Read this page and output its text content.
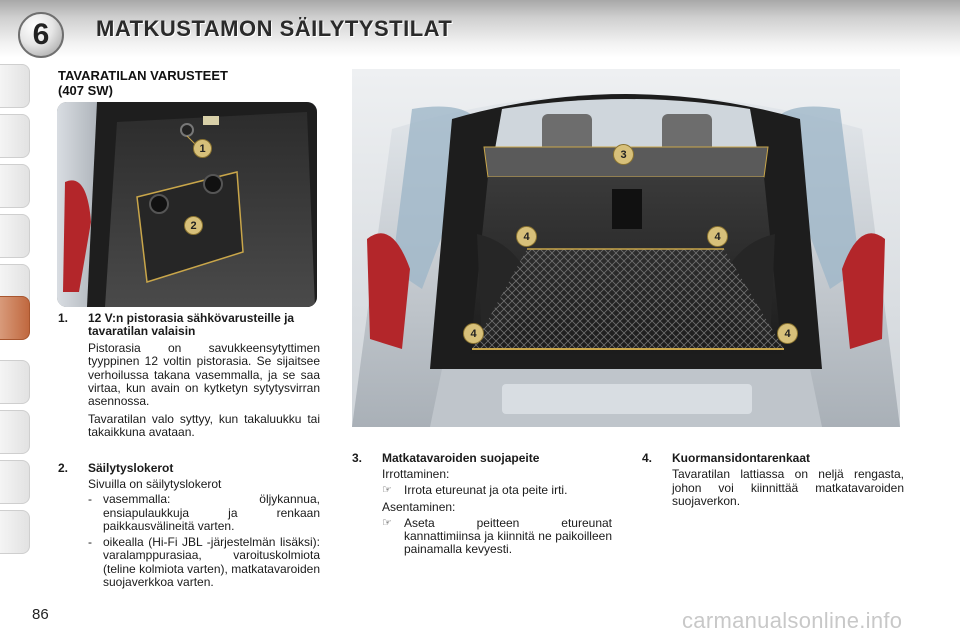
6	MATKUSTAMON SÄILYTYSTILAT
TAVARATILAN VARUSTEET
(407 SW)
1
2
3
4	4
4	4
1.	12 V:n pistorasia sähkövarusteille ja tavaratilan valaisin
Pistorasia on savukkeensytyttimen tyyppinen 12 voltin pistorasia. Se sijaitsee verhoilussa takana vasemmalla, ja se saa virtaa, kun avain on kytketyn sytytysvirran asennossa.
Tavaratilan valo syttyy, kun takaluukku tai takaikkuna avataan.
2.	Säilytyslokerot
Sivuilla on säilytyslokerot
- vasemmalla: öljykannua, ensiapulaukkuja ja renkaan paikkausvälineitä varten.
- oikealla (Hi-Fi JBL -järjestelmän lisäksi): varalamppurasiaa, varoituskolmiota (teline kolmiota varten), matkatavaroiden suojaverkkoa varten.
3.	Matkatavaroiden suojapeite
Irrottaminen:
☞	Irrota etureunat ja ota peite irti.
Asentaminen:
☞	Aseta peitteen etureunat kannattimiinsa ja kiinnitä ne paikoilleen painamalla kevyesti.
4.	Kuormansidontarenkaat
Tavaratilan lattiassa on neljä rengasta, johon voi kiinnittää matkatavaroiden suojaverkon.
86	carmanualsonline.info
